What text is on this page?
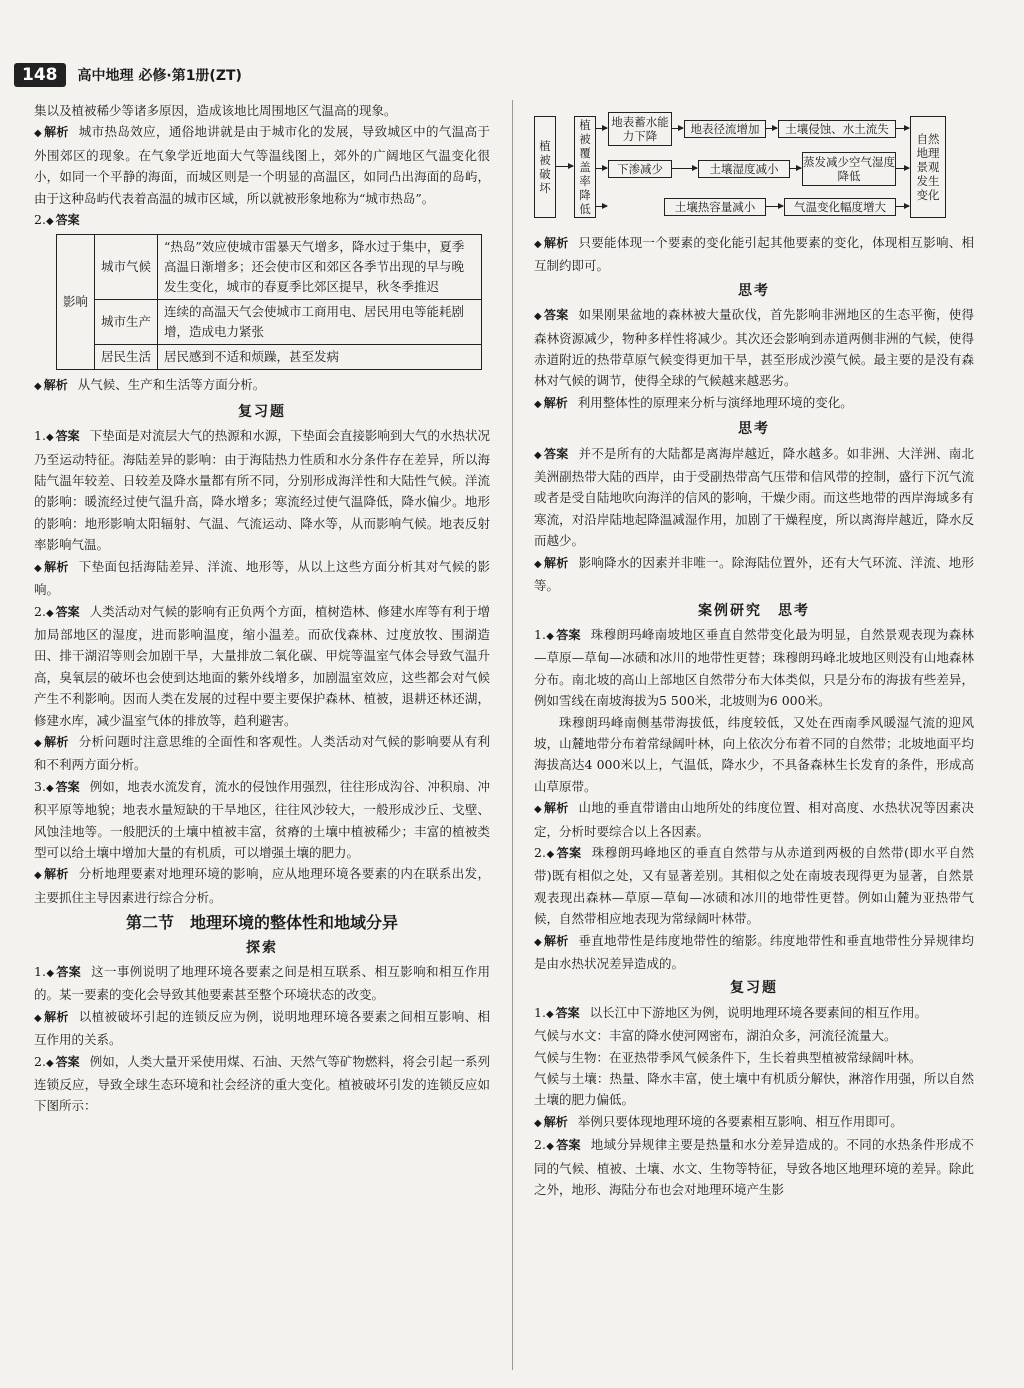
148	高中地理 必修·第1册(ZT)

集以及植被稀少等诸多原因，造成该地比周围地区气温高的现象。

◆ 解析 城市热岛效应，通俗地讲就是由于城市化的发展，导致城区中的气温高于外围郊区的现象。在气象学近地面大气等温线图上，郊外的广阔地区气温变化很小，如同一个平静的海面，而城区则是一个明显的高温区，如同凸出海面的岛屿，由于这种岛屿代表着高温的城市区域，所以就被形象地称为“城市热岛”。

2. ◆ 答案

影响	城市气候	“热岛”效应使城市雷暴天气增多，降水过于集中，夏季高温日渐增多；还会使市区和郊区各季节出现的早与晚发生变化，城市的春夏季比郊区提早，秋冬季推迟
	城市生产	连续的高温天气会使城市工商用电、居民用电等能耗剧增，造成电力紧张
	居民生活	居民感到不适和烦躁，甚至发病

◆ 解析 从气候、生产和生活等方面分析。

复习题

1. ◆ 答案 下垫面是对流层大气的热源和水源，下垫面会直接影响到大气的水热状况乃至运动特征。海陆差异的影响：由于海陆热力性质和水分条件存在差异，所以海陆气温年较差、日较差及降水量都有所不同，分别形成海洋性和大陆性气候。洋流的影响：暖流经过使气温升高，降水增多；寒流经过使气温降低，降水偏少。地形的影响：地形影响太阳辐射、气温、气流运动、降水等，从而影响气候。地表反射率影响气温。

◆ 解析 下垫面包括海陆差异、洋流、地形等，从以上这些方面分析其对气候的影响。

2. ◆ 答案 人类活动对气候的影响有正负两个方面，植树造林、修建水库等有利于增加局部地区的湿度，进而影响温度，缩小温差。而砍伐森林、过度放牧、围湖造田、排干湖沼等则会加剧干旱，大量排放二氧化碳、甲烷等温室气体会导致气温升高，臭氧层的破坏也会使到达地面的紫外线增多，加剧温室效应，这些都会对气候产生不利影响。因而人类在发展的过程中要主要保护森林、植被，退耕还林还湖，修建水库，减少温室气体的排放等，趋利避害。

◆ 解析 分析问题时注意思维的全面性和客观性。人类活动对气候的影响要从有利和不利两方面分析。

3. ◆ 答案 例如，地表水流发育，流水的侵蚀作用强烈，往往形成沟谷、冲积扇、冲积平原等地貌；地表水量短缺的干旱地区，往往风沙较大，一般形成沙丘、戈壁、风蚀洼地等。一般肥沃的土壤中植被丰富，贫瘠的土壤中植被稀少；丰富的植被类型可以给土壤中增加大量的有机质，可以增强土壤的肥力。

◆ 解析 分析地理要素对地理环境的影响，应从地理环境各要素的内在联系出发，主要抓住主导因素进行综合分析。

第二节　地理环境的整体性和地域分异
探索

1. ◆ 答案 这一事例说明了地理环境各要素之间是相互联系、相互影响和相互作用的。某一要素的变化会导致其他要素甚至整个环境状态的改变。

◆ 解析 以植被破坏引起的连锁反应为例，说明地理环境各要素之间相互影响、相互作用的关系。

2. ◆ 答案 例如，人类大量开采使用煤、石油、天然气等矿物燃料，将会引起一系列连锁反应，导致全球生态环境和社会经济的重大变化。植被破坏引发的连锁反应如下图所示：

植被破坏
植被覆盖率降低
地表蓄水能力下降	地表径流增加	土壤侵蚀、水土流失
下渗减少	土壤湿度减小	蒸发减少空气湿度降低
土壤热容量减小	气温变化幅度增大
自然地理景观发生变化

◆ 解析 只要能体现一个要素的变化能引起其他要素的变化，体现相互影响、相互制约即可。

思考

◆ 答案 如果刚果盆地的森林被大量砍伐，首先影响非洲地区的生态平衡，使得森林资源减少，物种多样性将减少。其次还会影响到赤道两侧非洲的气候，使得赤道附近的热带草原气候变得更加干旱，甚至形成沙漠气候。最主要的是没有森林对气候的调节，使得全球的气候越来越恶劣。

◆ 解析 利用整体性的原理来分析与演绎地理环境的变化。

思考

◆ 答案 并不是所有的大陆都是离海岸越近，降水越多。如非洲、大洋洲、南北美洲副热带大陆的西岸，由于受副热带高气压带和信风带的控制，盛行下沉气流或者是受自陆地吹向海洋的信风的影响，干燥少雨。而这些地带的西岸海域多有寒流，对沿岸陆地起降温减湿作用，加剧了干燥程度，所以离海岸越近，降水反而越少。

◆ 解析 影响降水的因素并非唯一。除海陆位置外，还有大气环流、洋流、地形等。

案例研究　思考

1. ◆ 答案 珠穆朗玛峰南坡地区垂直自然带变化最为明显，自然景观表现为森林—草原—草甸—冰碛和冰川的地带性更替；珠穆朗玛峰北坡地区则没有山地森林分布。南北坡的高山上部地区自然带分布大体类似，只是分布的海拔有些差异，例如雪线在南坡海拔为5 500米，北坡则为6 000米。

珠穆朗玛峰南侧基带海拔低，纬度较低，又处在西南季风暖湿气流的迎风坡，山麓地带分布着常绿阔叶林，向上依次分布着不同的自然带；北坡地面平均海拔高达4 000米以上，气温低，降水少，不具备森林生长发育的条件，形成高山草原带。

◆ 解析 山地的垂直带谱由山地所处的纬度位置、相对高度、水热状况等因素决定，分析时要综合以上各因素。

2. ◆ 答案 珠穆朗玛峰地区的垂直自然带与从赤道到两极的自然带(即水平自然带)既有相似之处，又有显著差别。其相似之处在南坡表现得更为显著，自然景观表现出森林—草原—草甸—冰碛和冰川的地带性更替。例如山麓为亚热带气候，自然带相应地表现为常绿阔叶林带。

◆ 解析 垂直地带性是纬度地带性的缩影。纬度地带性和垂直地带性分异规律均是由水热状况差异造成的。

复习题

1. ◆ 答案 以长江中下游地区为例，说明地理环境各要素间的相互作用。

气候与水文：丰富的降水使河网密布，湖泊众多，河流径流量大。

气候与生物：在亚热带季风气候条件下，生长着典型植被常绿阔叶林。

气候与土壤：热量、降水丰富，使土壤中有机质分解快，淋溶作用强，所以自然土壤的肥力偏低。

◆ 解析 举例只要体现地理环境的各要素相互影响、相互作用即可。

2. ◆ 答案 地域分异规律主要是热量和水分差异造成的。不同的水热条件形成不同的气候、植被、土壤、水文、生物等特征，导致各地区地理环境的差异。除此之外，地形、海陆分布也会对地理环境产生影
